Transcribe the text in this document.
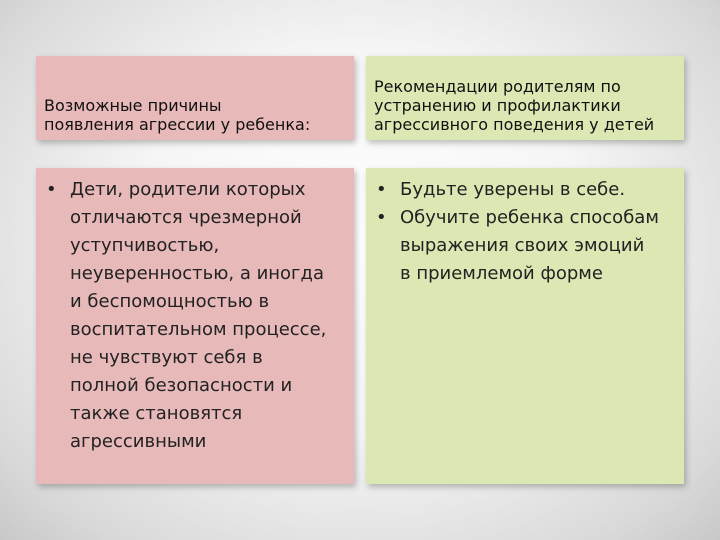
Возможные причины
появления агрессии у ребенка:
Рекомендации родителям по
устранению и профилактики
агрессивного поведения у детей
• Дети, родители которых
отличаются чрезмерной
уступчивостью,
неуверенностью, а иногда
и беспомощностью в
воспитательном процессе,
не чувствуют себя в
полной безопасности и
также становятся
агрессивными
• Будьте уверены в себе.
• Обучите ребенка способам
выражения своих эмоций
в приемлемой форме
